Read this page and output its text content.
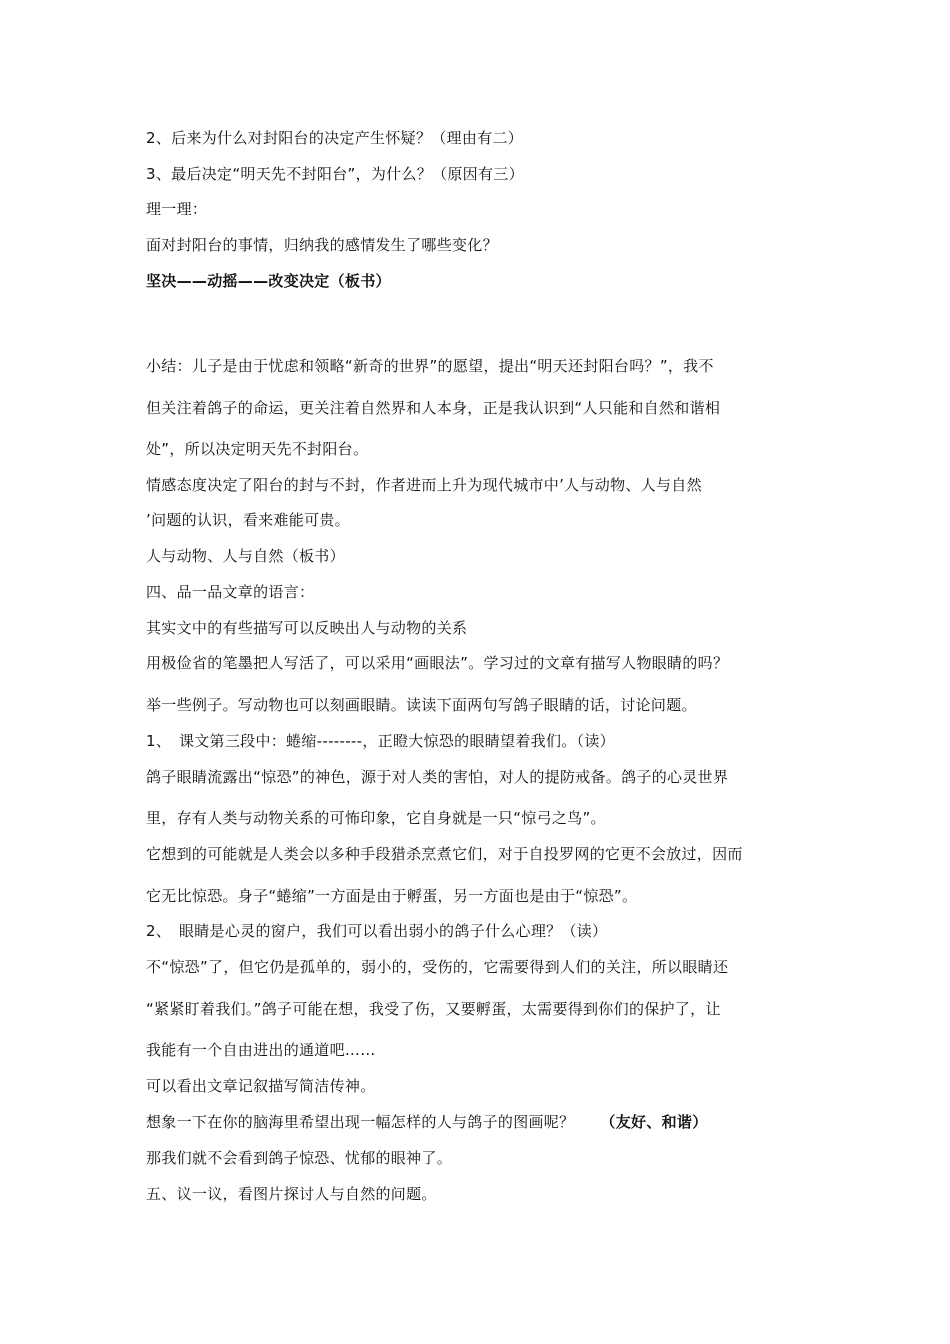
2、后来为什么对封阳台的决定产生怀疑？（理由有二）
3、最后决定“明天先不封阳台”，为什么？（原因有三）
理一理：
面对封阳台的事情，归纳我的感情发生了哪些变化？
坚决——动摇——改变决定（板书）
小结：儿子是由于忧虑和领略“新奇的世界”的愿望，提出“明天还封阳台吗？”，我不
但关注着鸽子的命运，更关注着自然界和人本身，正是我认识到“人只能和自然和谐相
处”，所以决定明天先不封阳台。
情感态度决定了阳台的封与不封，作者进而上升为现代城市中’人与动物、人与自然
’问题的认识，看来难能可贵。
人与动物、人与自然（板书）
四、品一品文章的语言：
其实文中的有些描写可以反映出人与动物的关系
用极俭省的笔墨把人写活了，可以采用“画眼法”。学习过的文章有描写人物眼睛的吗？
举一些例子。写动物也可以刻画眼睛。读读下面两句写鸽子眼睛的话，讨论问题。
1、　课文第三段中：蜷缩--------，正瞪大惊恐的眼睛望着我们。（读）
鸽子眼睛流露出“惊恐”的神色，源于对人类的害怕，对人的提防戒备。鸽子的心灵世界
里，存有人类与动物关系的可怖印象，它自身就是一只“惊弓之鸟”。
它想到的可能就是人类会以多种手段猎杀烹煮它们，对于自投罗网的它更不会放过，因而
它无比惊恐。身子“蜷缩”一方面是由于孵蛋，另一方面也是由于“惊恐”。
2、　眼睛是心灵的窗户，我们可以看出弱小的鸽子什么心理？（读）
不“惊恐”了，但它仍是孤单的，弱小的，受伤的，它需要得到人们的关注，所以眼睛还
“紧紧盯着我们。”鸽子可能在想，我受了伤，又要孵蛋，太需要得到你们的保护了，让
我能有一个自由进出的通道吧……
可以看出文章记叙描写简洁传神。
想象一下在你的脑海里希望出现一幅怎样的人与鸽子的图画呢？ （友好、和谐）
那我们就不会看到鸽子惊恐、忧郁的眼神了。
五、议一议，看图片探讨人与自然的问题。
